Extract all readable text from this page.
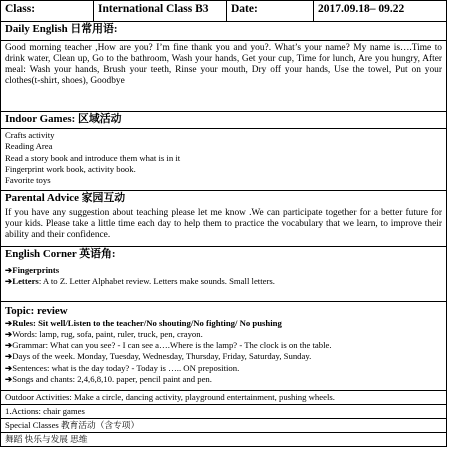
Class:	International Class B3	Date:	2017.09.18– 09.22
Daily English 日常用语:
Good morning teacher ,How are you? I’m fine thank you and you?. What’s your name? My name is….Time to drink water, Clean up, Go to the bathroom, Wash your hands, Get your cup, Time for lunch, Are you hungry, After meal: Wash your hands, Brush your teeth, Rinse your mouth, Dry off your hands, Use the towel, Put on your clothes(t-shirt, shoes), Goodbye
Indoor Games: 区域活动
Crafts activity
Reading Area
Read a story book and introduce them what is in it
Fingerprint work book, activity book.
Favorite toys
Parental Advice 家园互动
If you have any suggestion about teaching please let me know .We can participate together for a better future for your kids. Please take a little time each day to help them to practice the vocabulary that we learn, to improve their ability and their confidence.
English Corner 英语角:
➔Fingerprints
➔Letters: A to Z. Letter Alphabet review. Letters make sounds. Small letters.
Topic: review
➔Rules: Sit well/Listen to the teacher/No shouting/No fighting/ No pushing
➔Words: lamp, rug, sofa, paint, ruler, truck, pen, crayon.
➔Grammar: What can you see? - I can see a….Where is the lamp? - The clock is on the table.
➔Days of the week. Monday, Tuesday, Wednesday, Thursday, Friday, Saturday, Sunday.
➔Sentences: what is the day today? - Today is ….. ON preposition.
➔Songs and chants: 2,4,6,8,10. paper, pencil paint and pen.
Outdoor Activities: Make a circle, dancing activity, playground entertainment, pushing wheels.
1.Actions: chair games
Special Classes 教育活动（含专项）
舞蹈 快乐与发展 思维
